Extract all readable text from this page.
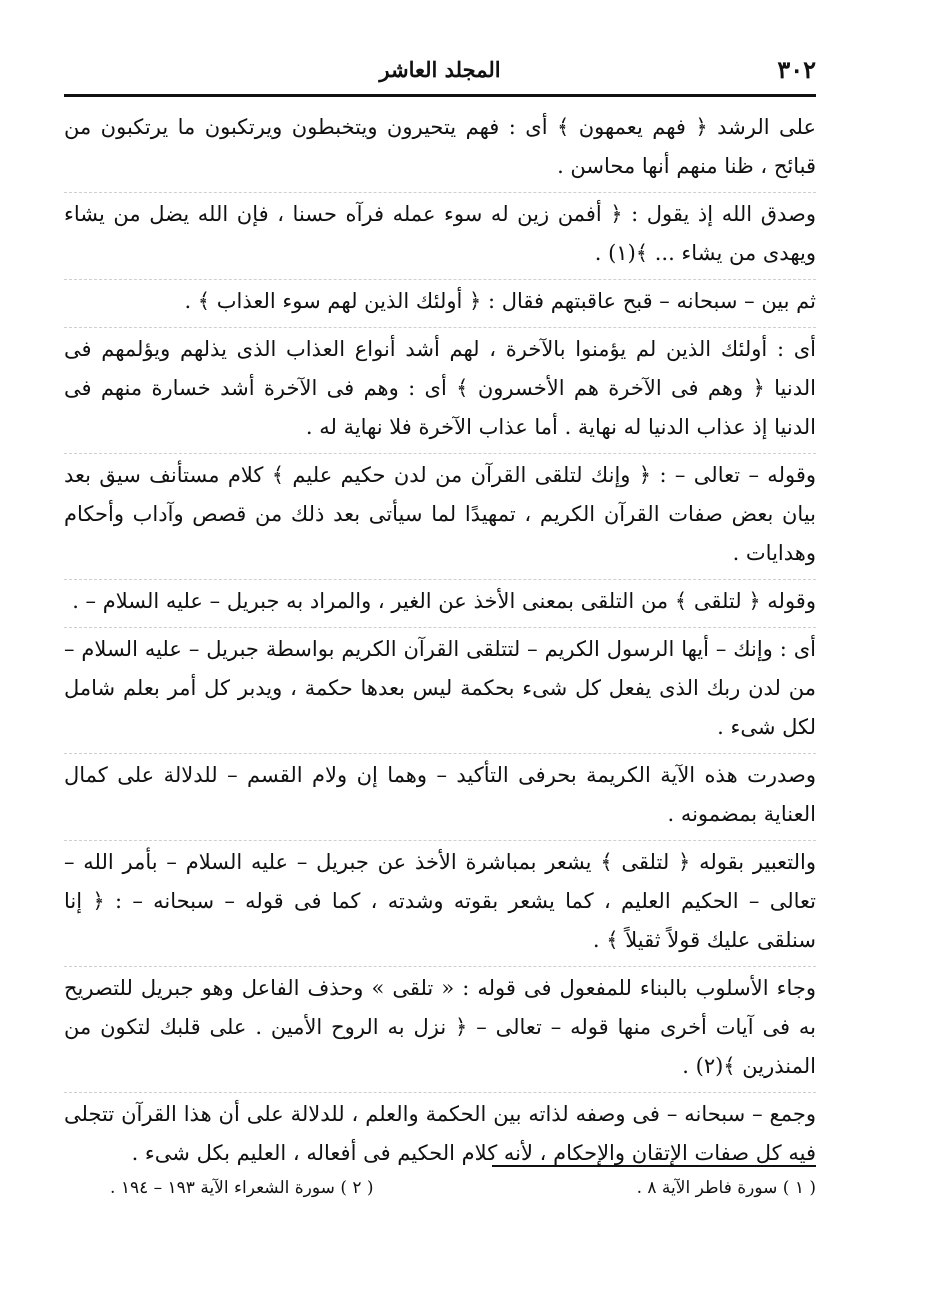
٣٠٢
المجلد العاشر

على الرشد ﴿ فهم يعمهون ﴾ أى : فهم يتحيرون ويتخبطون ويرتكبون ما يرتكبون من قبائح ، ظنا منهم أنها محاسن .

وصدق الله إذ يقول : ﴿ أفمن زين له سوء عمله فرآه حسنا ، فإن الله يضل من يشاء ويهدى من يشاء ... ﴾(١) .

ثم بين – سبحانه – قبح عاقبتهم فقال : ﴿ أولئك الذين لهم سوء العذاب ﴾ .

أى : أولئك الذين لم يؤمنوا بالآخرة ، لهم أشد أنواع العذاب الذى يذلهم ويؤلمهم فى الدنيا ﴿ وهم فى الآخرة هم الأخسرون ﴾ أى : وهم فى الآخرة أشد خسارة منهم فى الدنيا إذ عذاب الدنيا له نهاية . أما عذاب الآخرة فلا نهاية له .

وقوله – تعالى – : ﴿ وإنك لتلقى القرآن من لدن حكيم عليم ﴾ كلام مستأنف سيق بعد بيان بعض صفات القرآن الكريم ، تمهيدًا لما سيأتى بعد ذلك من قصص وآداب وأحكام وهدايات .

وقوله ﴿ لتلقى ﴾ من التلقى بمعنى الأخذ عن الغير ، والمراد به جبريل – عليه السلام – .

أى : وإنك – أيها الرسول الكريم – لتتلقى القرآن الكريم بواسطة جبريل – عليه السلام – من لدن ربك الذى يفعل كل شىء بحكمة ليس بعدها حكمة ، ويدبر كل أمر بعلم شامل لكل شىء .

وصدرت هذه الآية الكريمة بحرفى التأكيد – وهما إن ولام القسم – للدلالة على كمال العناية بمضمونه .

والتعبير بقوله ﴿ لتلقى ﴾ يشعر بمباشرة الأخذ عن جبريل – عليه السلام – بأمر الله – تعالى – الحكيم العليم ، كما يشعر بقوته وشدته ، كما فى قوله – سبحانه – : ﴿ إنا سنلقى عليك قولاً ثقيلاً ﴾ .

وجاء الأسلوب بالبناء للمفعول فى قوله : « تلقى » وحذف الفاعل وهو جبريل للتصريح به فى آيات أخرى منها قوله – تعالى – ﴿ نزل به الروح الأمين . على قلبك لتكون من المنذرين ﴾(٢) .

وجمع – سبحانه – فى وصفه لذاته بين الحكمة والعلم ، للدلالة على أن هذا القرآن تتجلى فيه كل صفات الإتقان والإحكام ، لأنه كلام الحكيم فى أفعاله ، العليم بكل شىء .

( ١ ) سورة فاطر الآية ٨ .
( ٢ ) سورة الشعراء الآية ١٩٣ – ١٩٤ .
